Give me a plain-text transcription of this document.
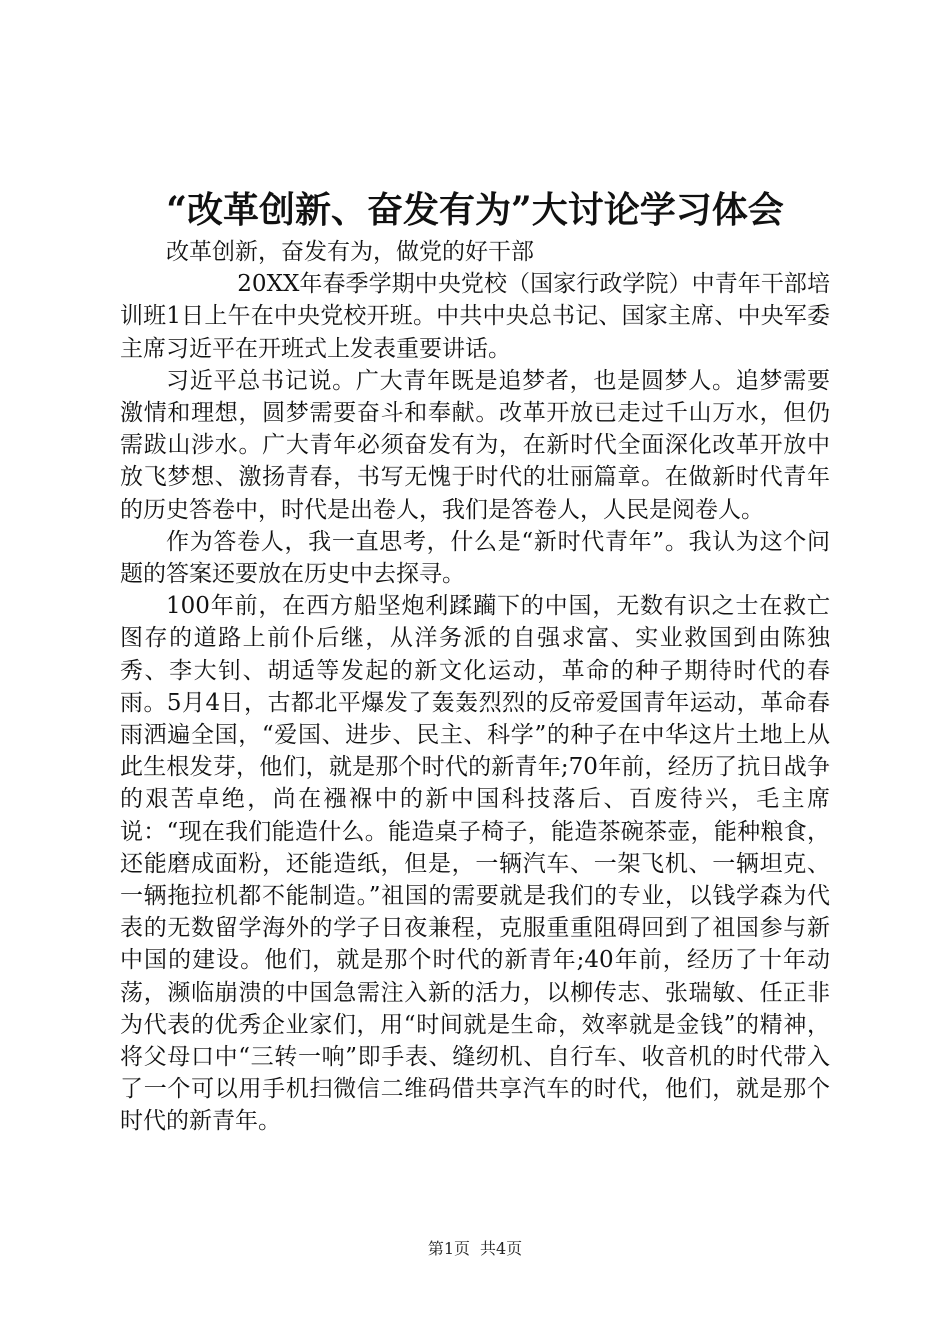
“改革创新、奋发有为”大讨论学习体会

改革创新，奋发有为，做党的好干部

20XX年春季学期中央党校（国家行政学院）中青年干部培训班1日上午在中央党校开班。中共中央总书记、国家主席、中央军委主席习近平在开班式上发表重要讲话。

习近平总书记说。广大青年既是追梦者，也是圆梦人。追梦需要激情和理想，圆梦需要奋斗和奉献。改革开放已走过千山万水，但仍需跋山涉水。广大青年必须奋发有为，在新时代全面深化改革开放中放飞梦想、激扬青春，书写无愧于时代的壮丽篇章。在做新时代青年的历史答卷中，时代是出卷人，我们是答卷人，人民是阅卷人。

作为答卷人，我一直思考，什么是“新时代青年”。我认为这个问题的答案还要放在历史中去探寻。

100年前，在西方船坚炮利蹂躏下的中国，无数有识之士在救亡图存的道路上前仆后继，从洋务派的自强求富、实业救国到由陈独秀、李大钊、胡适等发起的新文化运动，革命的种子期待时代的春雨。5月4日，古都北平爆发了轰轰烈烈的反帝爱国青年运动，革命春雨洒遍全国，“爱国、进步、民主、科学”的种子在中华这片土地上从此生根发芽，他们，就是那个时代的新青年;70年前，经历了抗日战争的艰苦卓绝，尚在襁褓中的新中国科技落后、百废待兴，毛主席说：“现在我们能造什么。能造桌子椅子，能造茶碗茶壶，能种粮食，还能磨成面粉，还能造纸，但是，一辆汽车、一架飞机、一辆坦克、一辆拖拉机都不能制造。”祖国的需要就是我们的专业，以钱学森为代表的无数留学海外的学子日夜兼程，克服重重阻碍回到了祖国参与新中国的建设。他们，就是那个时代的新青年;40年前，经历了十年动荡，濒临崩溃的中国急需注入新的活力，以柳传志、张瑞敏、任正非为代表的优秀企业家们，用“时间就是生命，效率就是金钱”的精神，将父母口中“三转一响”即手表、缝纫机、自行车、收音机的时代带入了一个可以用手机扫微信二维码借共享汽车的时代，他们，就是那个时代的新青年。

第1页 共4页
